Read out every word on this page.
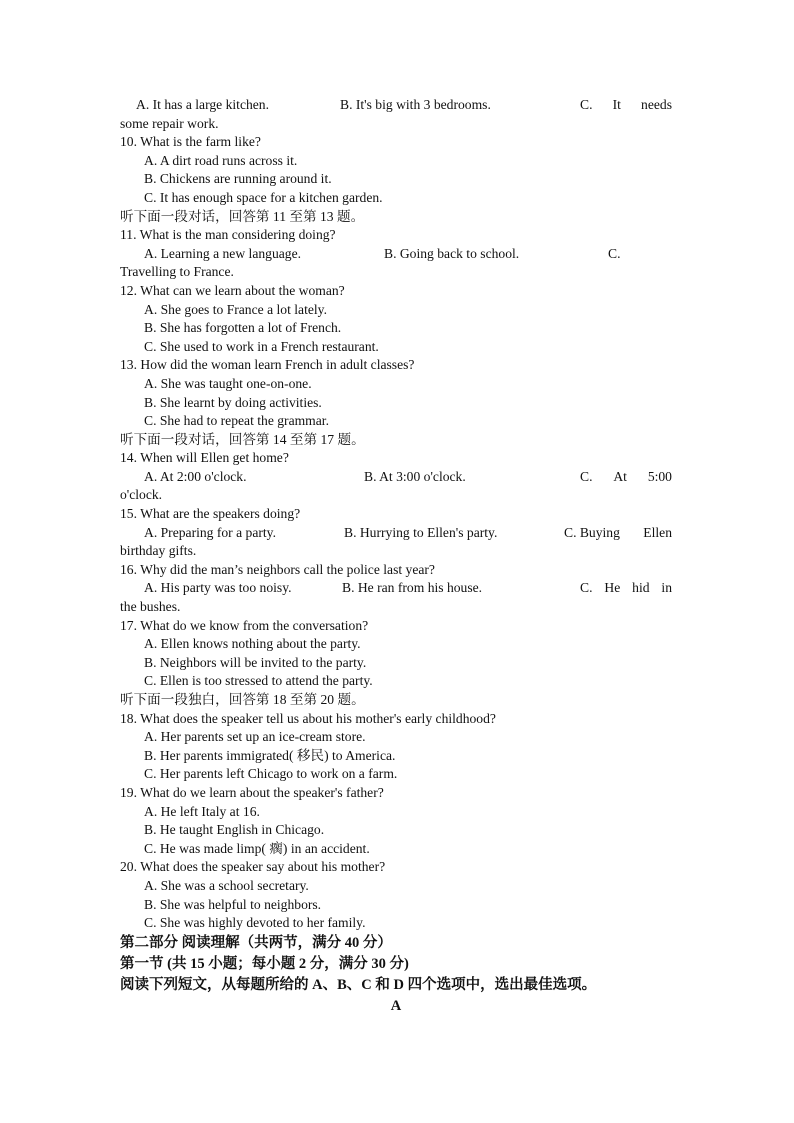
A. It has a large kitchen.	B. It's big with 3 bedrooms.	C. It needs
some repair work.
10. What is the farm like?
A. A dirt road runs across it.
B. Chickens are running around it.
C. It has enough space for a kitchen garden.
听下面一段对话，回答第 11 至第 13 题。
11. What is the man considering doing?
A. Learning a new language.	B. Going back to school.	C.
Travelling to France.
12. What can we learn about the woman?
A. She goes to France a lot lately.
B. She has forgotten a lot of French.
C. She used to work in a French restaurant.
13. How did the woman learn French in adult classes?
A. She was taught one-on-one.
B. She learnt by doing activities.
C. She had to repeat the grammar.
听下面一段对话，回答第 14 至第 17 题。
14. When will Ellen get home?
A. At 2:00 o'clock.	B. At 3:00 o'clock.	C. At 5:00
o'clock.
15. What are the speakers doing?
A. Preparing for a party.	B. Hurrying to Ellen's party.	C. Buying Ellen
birthday gifts.
16. Why did the man’s neighbors call the police last year?
A. His party was too noisy.	B. He ran from his house.	C. He hid in
the bushes.
17. What do we know from the conversation?
A. Ellen knows nothing about the party.
B. Neighbors will be invited to the party.
C. Ellen is too stressed to attend the party.
听下面一段独白，回答第 18 至第 20 题。
18. What does the speaker tell us about his mother's early childhood?
A. Her parents set up an ice-cream store.
B. Her parents immigrated( 移民) to America.
C. Her parents left Chicago to work on a farm.
19. What do we learn about the speaker's father?
A. He left Italy at 16.
B. He taught English in Chicago.
C. He was made limp( 瘸) in an accident.
20. What does the speaker say about his mother?
A. She was a school secretary.
B. She was helpful to neighbors.
C. She was highly devoted to her family.
第二部分 阅读理解（共两节，满分 40 分）
第一节 (共 15 小题；每小题 2 分，满分 30 分)
阅读下列短文，从每题所给的 A、B、C 和 D 四个选项中，选出最佳选项。
A
